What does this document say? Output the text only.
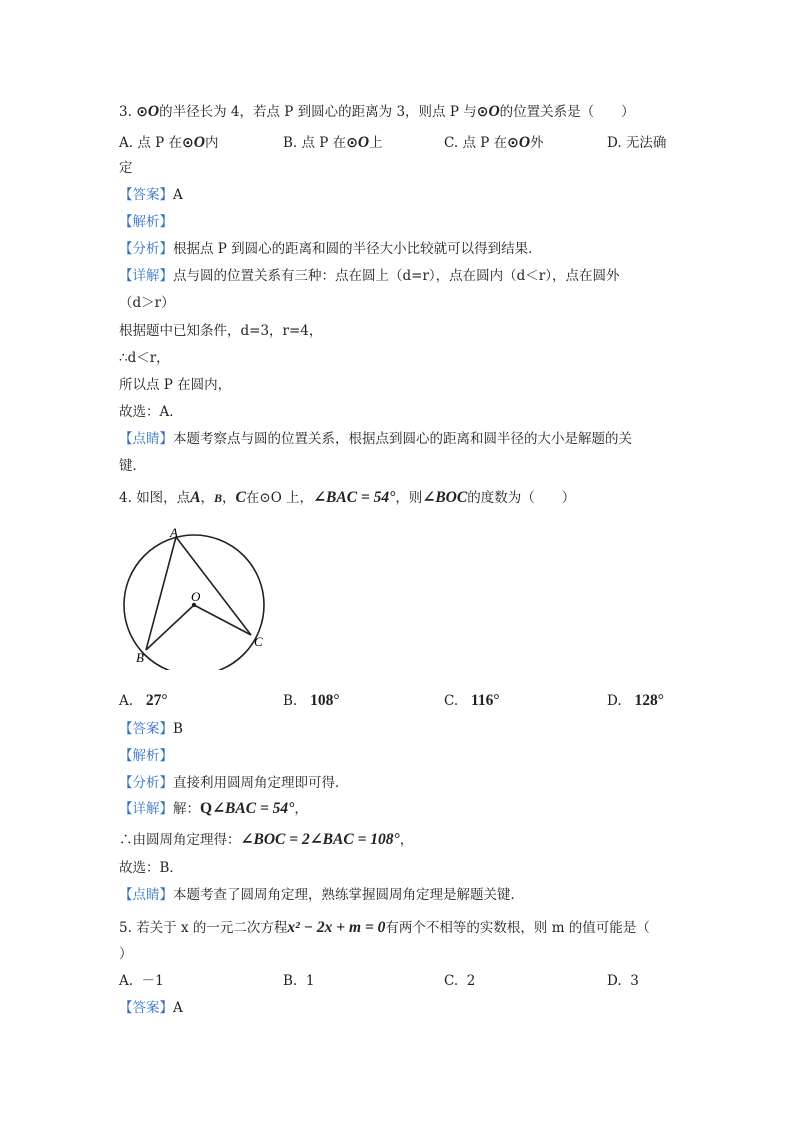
3. ⊙O的半径长为 4，若点 P 到圆心的距离为 3，则点 P 与⊙O的位置关系是（　　）
A. 点 P 在⊙O内	B. 点 P 在⊙O上	C. 点 P 在⊙O外	D. 无法确
定
【答案】A
【解析】
【分析】根据点 P 到圆心的距离和圆的半径大小比较就可以得到结果．
【详解】点与圆的位置关系有三种：点在圆上（d=r），点在圆内（d＜r），点在圆外
（d＞r）
根据题中已知条件，d=3，r=4，
∴d＜r，
所以点 P 在圆内，
故选：A．
【点睛】本题考察点与圆的位置关系，根据点到圆心的距离和圆半径的大小是解题的关
键．
4. 如图，点A，B，C在⊙O 上，∠BAC = 54°，则∠BOC的度数为（　　）
A
O
B
C
A. 27°	B. 108°	C. 116°	D. 128°
【答案】B
【解析】
【分析】直接利用圆周角定理即可得．
【详解】解：Q∠BAC = 54°，
∴由圆周角定理得：∠BOC = 2∠BAC = 108°，
故选：B．
【点睛】本题考查了圆周角定理，熟练掌握圆周角定理是解题关键．
5. 若关于 x 的一元二次方程x² − 2x + m = 0有两个不相等的实数根，则 m 的值可能是（
）
A. －1	B. 1	C. 2	D. 3
【答案】A
